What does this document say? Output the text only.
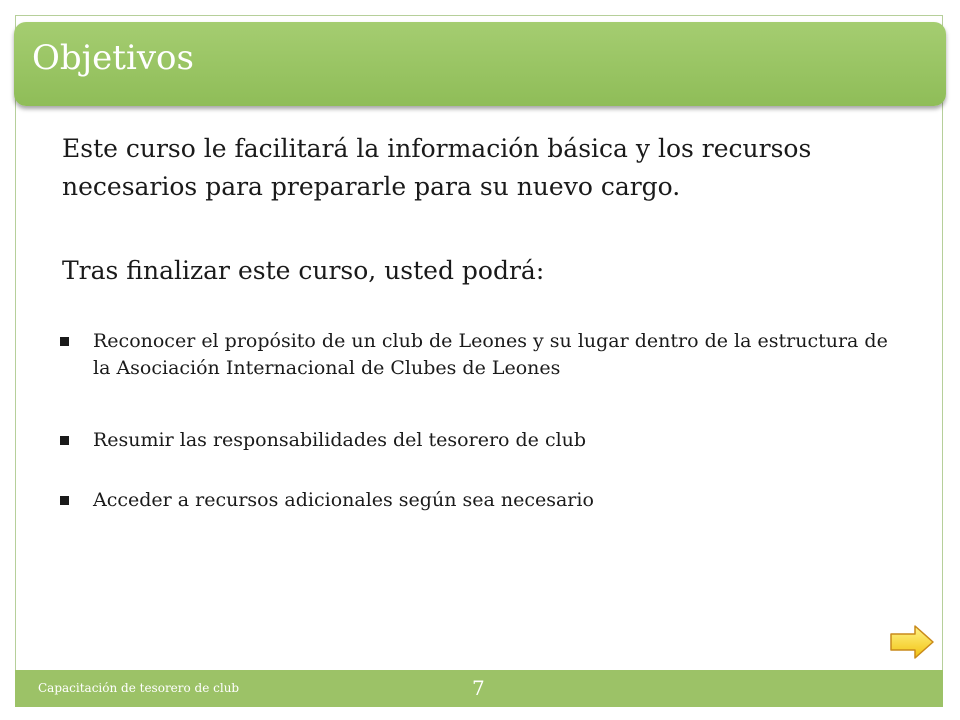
Objetivos
Este curso le facilitará la información básica y los recursos necesarios para prepararle para su nuevo cargo.
Tras finalizar este curso, usted podrá:
Reconocer el propósito de un club de Leones y su lugar dentro de la estructura de la Asociación Internacional de Clubes de Leones
Resumir las responsabilidades del tesorero de club
Acceder a recursos adicionales según sea necesario
Capacitación de tesorero de club	7
